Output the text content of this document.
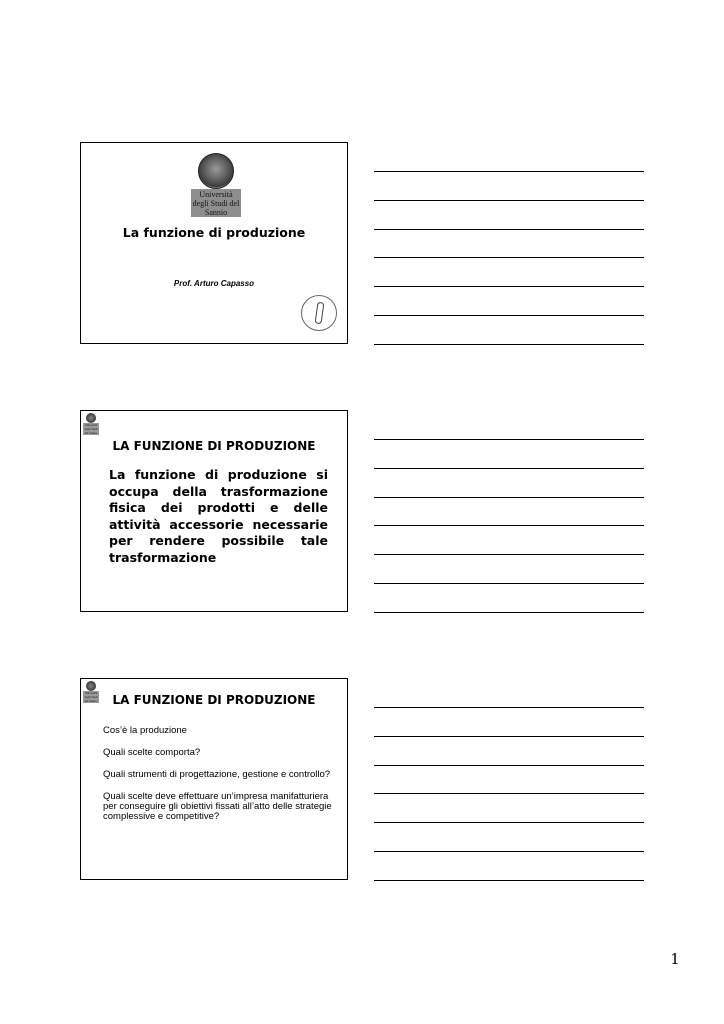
Università degli Studi del Sannio
La funzione di produzione
Prof. Arturo Capasso
Università degli Studi del Sannio
LA FUNZIONE DI PRODUZIONE
La funzione di produzione si occupa della trasformazione fisica dei prodotti e delle attività accessorie necessarie per rendere possibile tale trasformazione
Università degli Studi del Sannio	LA FUNZIONE DI PRODUZIONE
Cos’è la produzione
Quali scelte comporta?
Quali strumenti di progettazione, gestione e controllo?
Quali scelte deve effettuare un’impresa manifatturiera per conseguire gli obiettivi fissati all’atto delle strategie complessive e competitive?
1
